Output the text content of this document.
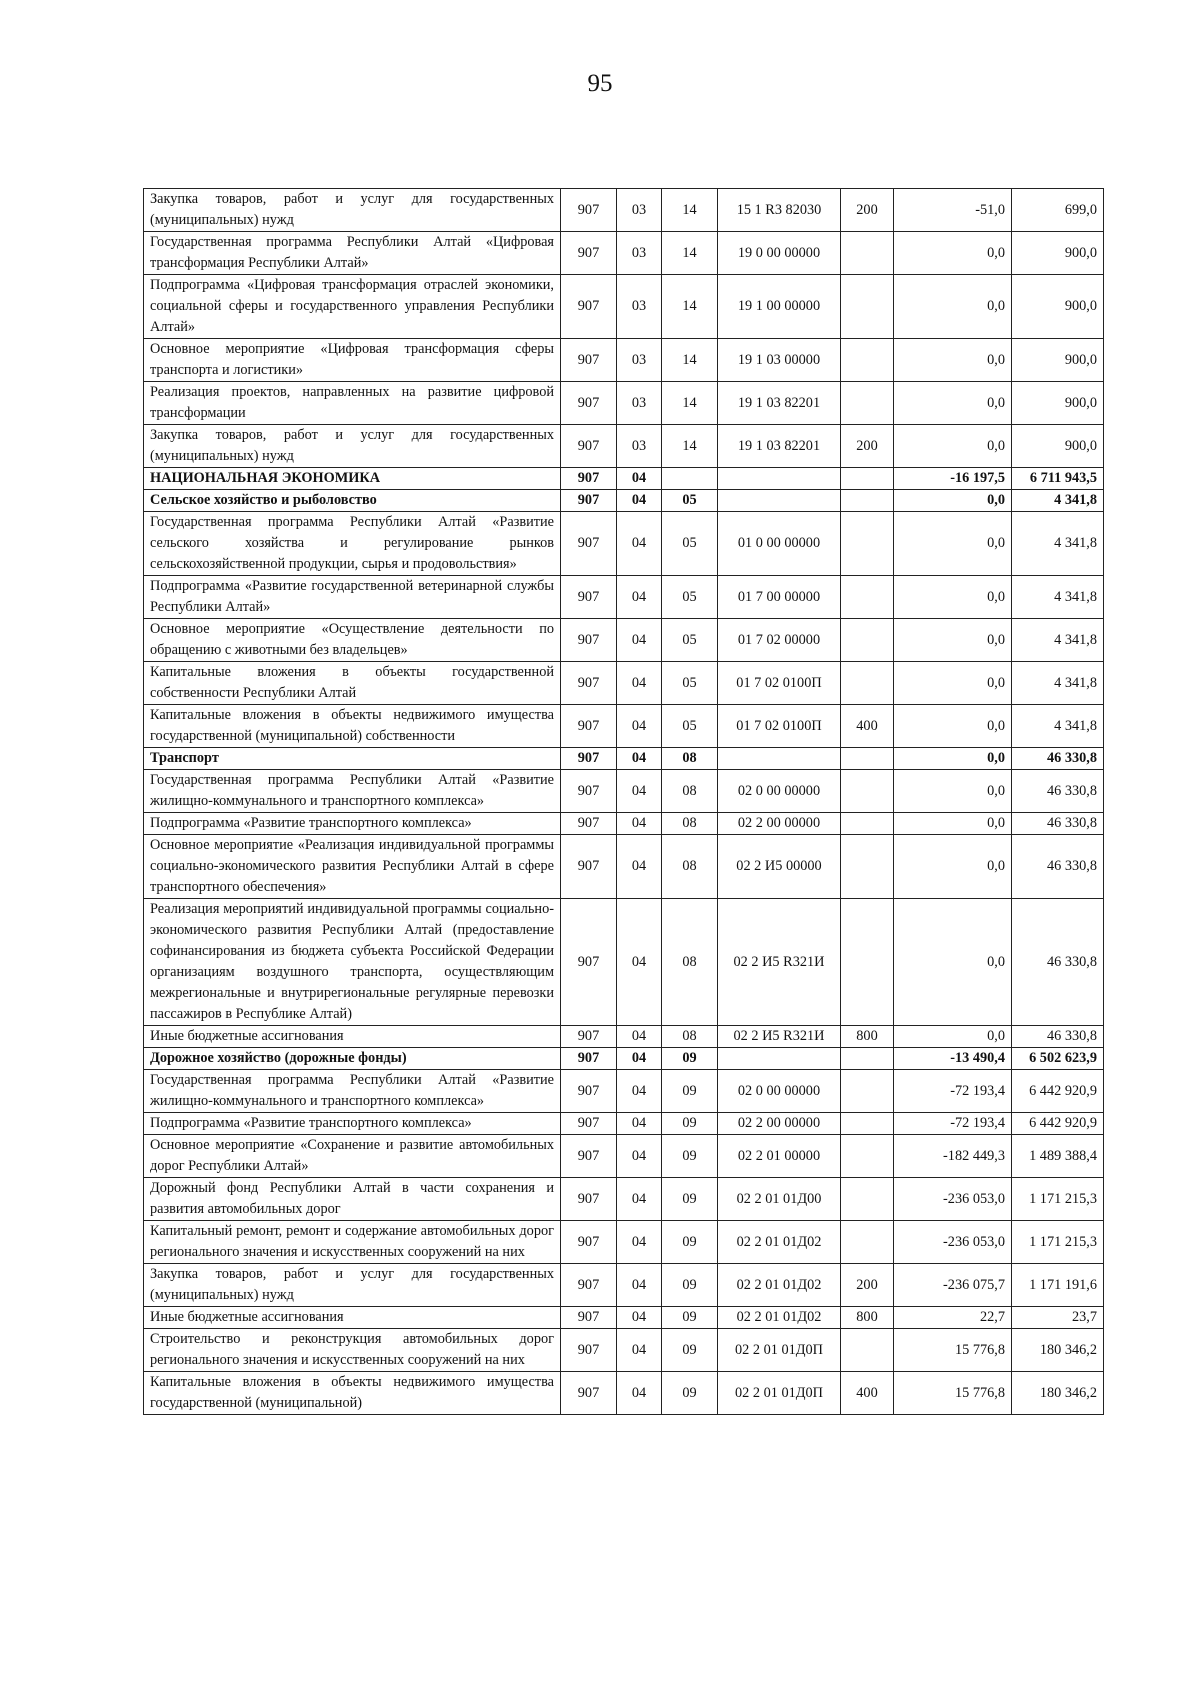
95
Закупка товаров, работ и услуг для государственных (муниципальных) нужд	907	03	14	15 1 R3 82030	200	-51,0	699,0
Государственная программа Республики Алтай «Цифровая трансформация Республики Алтай»	907	03	14	19 0 00 00000		0,0	900,0
Подпрограмма «Цифровая трансформация отраслей экономики, социальной сферы и государственного управления Республики Алтай»	907	03	14	19 1 00 00000		0,0	900,0
Основное мероприятие «Цифровая трансформация сферы транспорта и логистики»	907	03	14	19 1 03 00000		0,0	900,0
Реализация проектов, направленных на развитие цифровой трансформации	907	03	14	19 1 03 82201		0,0	900,0
Закупка товаров, работ и услуг для государственных (муниципальных) нужд	907	03	14	19 1 03 82201	200	0,0	900,0
НАЦИОНАЛЬНАЯ ЭКОНОМИКА	907	04				-16 197,5	6 711 943,5
Сельское хозяйство и рыболовство	907	04	05			0,0	4 341,8
Государственная программа Республики Алтай «Развитие сельского хозяйства и регулирование рынков сельскохозяйственной продукции, сырья и продовольствия»	907	04	05	01 0 00 00000		0,0	4 341,8
Подпрограмма «Развитие государственной ветеринарной службы Республики Алтай»	907	04	05	01 7 00 00000		0,0	4 341,8
Основное мероприятие «Осуществление деятельности по обращению с животными без владельцев»	907	04	05	01 7 02 00000		0,0	4 341,8
Капитальные вложения в объекты государственной собственности Республики Алтай	907	04	05	01 7 02 0100П		0,0	4 341,8
Капитальные вложения в объекты недвижимого имущества государственной (муниципальной) собственности	907	04	05	01 7 02 0100П	400	0,0	4 341,8
Транспорт	907	04	08			0,0	46 330,8
Государственная программа Республики Алтай «Развитие жилищно-коммунального и транспортного комплекса»	907	04	08	02 0 00 00000		0,0	46 330,8
Подпрограмма «Развитие транспортного комплекса»	907	04	08	02 2 00 00000		0,0	46 330,8
Основное мероприятие «Реализация индивидуальной программы социально-экономического развития Республики Алтай в сфере транспортного обеспечения»	907	04	08	02 2 И5 00000		0,0	46 330,8
Реализация мероприятий индивидуальной программы социально-экономического развития Республики Алтай (предоставление софинансирования из бюджета субъекта Российской Федерации организациям воздушного транспорта, осуществляющим межрегиональные и внутрирегиональные регулярные перевозки пассажиров в Республике Алтай)	907	04	08	02 2 И5 R321И		0,0	46 330,8
Иные бюджетные ассигнования	907	04	08	02 2 И5 R321И	800	0,0	46 330,8
Дорожное хозяйство (дорожные фонды)	907	04	09			-13 490,4	6 502 623,9
Государственная программа Республики Алтай «Развитие жилищно-коммунального и транспортного комплекса»	907	04	09	02 0 00 00000		-72 193,4	6 442 920,9
Подпрограмма «Развитие транспортного комплекса»	907	04	09	02 2 00 00000		-72 193,4	6 442 920,9
Основное мероприятие «Сохранение и развитие автомобильных дорог Республики Алтай»	907	04	09	02 2 01 00000		-182 449,3	1 489 388,4
Дорожный фонд Республики Алтай в части сохранения и развития автомобильных дорог	907	04	09	02 2 01 01Д00		-236 053,0	1 171 215,3
Капитальный ремонт, ремонт и содержание автомобильных дорог регионального значения и искусственных сооружений на них	907	04	09	02 2 01 01Д02		-236 053,0	1 171 215,3
Закупка товаров, работ и услуг для государственных (муниципальных) нужд	907	04	09	02 2 01 01Д02	200	-236 075,7	1 171 191,6
Иные бюджетные ассигнования	907	04	09	02 2 01 01Д02	800	22,7	23,7
Строительство и реконструкция автомобильных дорог регионального значения и искусственных сооружений на них	907	04	09	02 2 01 01Д0П		15 776,8	180 346,2
Капитальные вложения в объекты недвижимого имущества государственной (муниципальной)	907	04	09	02 2 01 01Д0П	400	15 776,8	180 346,2
